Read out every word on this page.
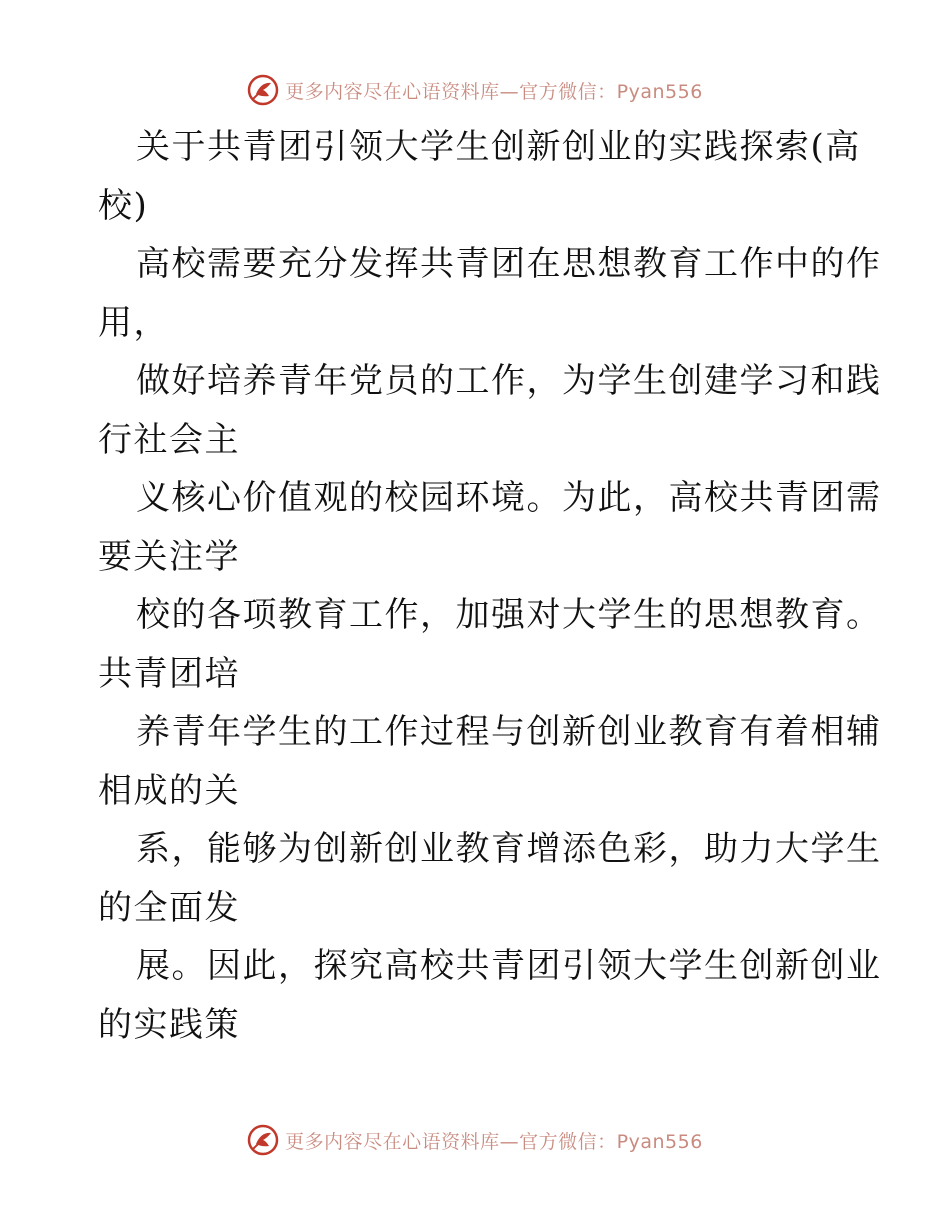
更多内容尽在心语资料库—官方微信：Pyan556
关于共青团引领大学生创新创业的实践探索(高
校)
高校需要充分发挥共青团在思想教育工作中的作
用，
做好培养青年党员的工作，为学生创建学习和践
行社会主
义核心价值观的校园环境。为此，高校共青团需
要关注学
校的各项教育工作，加强对大学生的思想教育。
共青团培
养青年学生的工作过程与创新创业教育有着相辅
相成的关
系，能够为创新创业教育增添色彩，助力大学生
的全面发
展。因此，探究高校共青团引领大学生创新创业
的实践策
更多内容尽在心语资料库—官方微信：Pyan556
